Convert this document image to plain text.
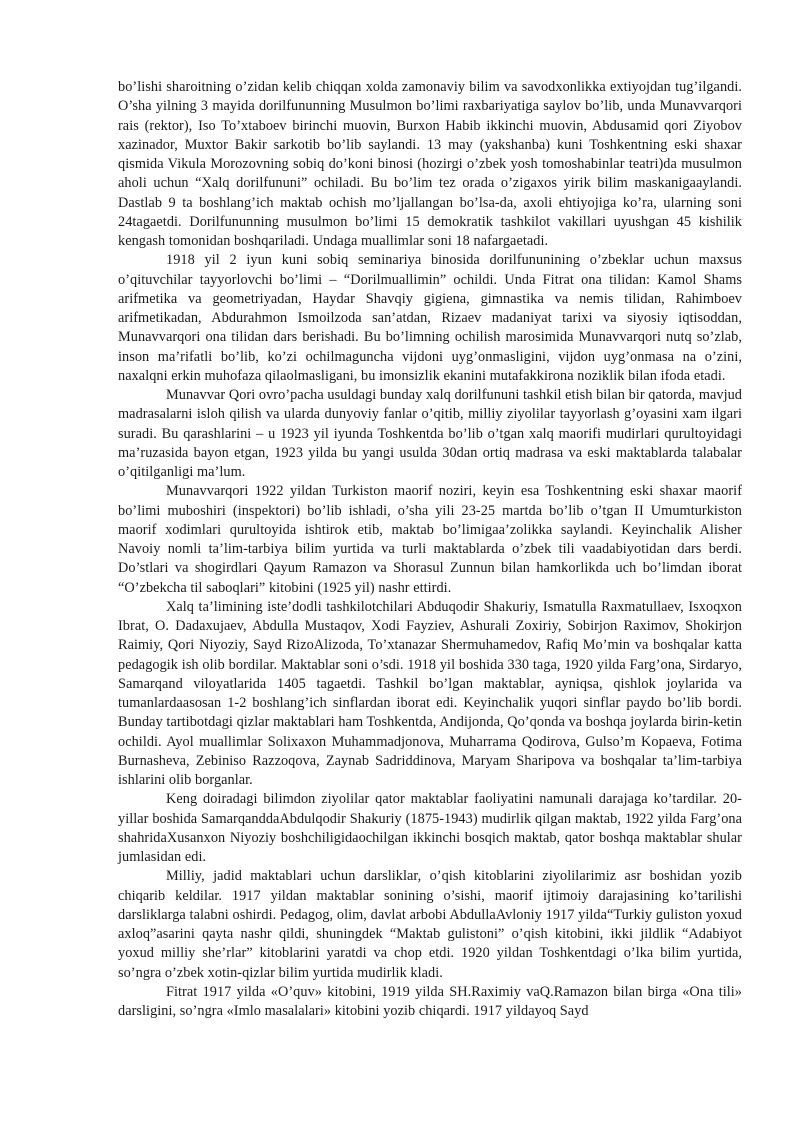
bo’lishi sharoitning o’zidan kelib chiqqan xolda zamonaviy bilim va savodxonlikka extiyojdan tug’ilgandi. O’sha yilning 3 mayida dorilfununning Musulmon bo’limi raxbariyatiga saylov bo’lib, unda Munavvarqori rais (rektor), Iso To’xtaboev birinchi muovin, Burxon Habib ikkinchi muovin, Abdusamid qori Ziyobov xazinador, Muxtor Bakir sarkotib bo’lib saylandi. 13 may (yakshanba) kuni Toshkentning eski shaxar qismida Vikula Morozovning sobiq do’koni binosi (hozirgi o’zbek yosh tomoshabinlar teatri)da musulmon aholi uchun “Xalq dorilfununi” ochiladi. Bu bo’lim tez orada o’zigaxos yirik bilim maskanigaaylandi. Dastlab 9 ta boshlang’ich maktab ochish mo’ljallangan bo’lsa-da, axoli ehtiyojiga ko’ra, ularning soni 24tagaetdi. Dorilfununning musulmon bo’limi 15 demokratik tashkilot vakillari uyushgan 45 kishilik kengash tomonidan boshqariladi. Undaga muallimlar soni 18 nafargaetadi.

1918 yil 2 iyun kuni sobiq seminariya binosida dorilfununining o’zbeklar uchun maxsus o’qituvchilar tayyorlovchi bo’limi – “Dorilmuallimin” ochildi. Unda Fitrat ona tilidan: Kamol Shams arifmetika va geometriyadan, Haydar Shavqiy gigiena, gimnastika va nemis tilidan, Rahimboev arifmetikadan, Abdurahmon Ismoilzoda san’atdan, Rizaev madaniyat tarixi va siyosiy iqtisoddan, Munavvarqori ona tilidan dars berishadi. Bu bo’limning ochilish marosimida Munavvarqori nutq so’zlab, inson ma’rifatli bo’lib, ko’zi ochilmaguncha vijdoni uyg’onmasligini, vijdon uyg’onmasa na o’zini, naxalqni erkin muhofaza qilaolmasligani, bu imonsizlik ekanini mutafakkirona noziklik bilan ifoda etadi.

Munavvar Qori ovro’pacha usuldagi bunday xalq dorilfununi tashkil etish bilan bir qatorda, mavjud madrasalarni isloh qilish va ularda dunyoviy fanlar o’qitib, milliy ziyolilar tayyorlash g’oyasini xam ilgari suradi. Bu qarashlarini – u 1923 yil iyunda Toshkentda bo’lib o’tgan xalq maorifi mudirlari qurultoyidagi ma’ruzasida bayon etgan, 1923 yilda bu yangi usulda 30dan ortiq madrasa va eski maktablarda talabalar o’qitilganligi ma’lum.

Munavvarqori 1922 yildan Turkiston maorif noziri, keyin esa Toshkentning eski shaxar maorif bo’limi muboshiri (inspektori) bo’lib ishladi, o’sha yili 23-25 martda bo’lib o’tgan II Umumturkiston maorif xodimlari qurultoyida ishtirok etib, maktab bo’limigaa’zolikka saylandi. Keyinchalik Alisher Navoiy nomli ta’lim-tarbiya bilim yurtida va turli maktablarda o’zbek tili vaadabiyotidan dars berdi. Do’stlari va shogirdlari Qayum Ramazon va Shorasul Zunnun bilan hamkorlikda uch bo’limdan iborat “O’zbekcha til saboqlari” kitobini (1925 yil) nashr ettirdi.

Xalq ta’limining iste’dodli tashkilotchilari Abduqodir Shakuriy, Ismatulla Raxmatullaev, Isxoqxon Ibrat, O. Dadaxujaev, Abdulla Mustaqov, Xodi Fayziev, Ashurali Zoxiriy, Sobirjon Raximov, Shokirjon Raimiy, Qori Niyoziy, Sayd RizoAlizoda, To’xtanazar Shermuhamedov, Rafiq Mo’min va boshqalar katta pedagogik ish olib bordilar. Maktablar soni o’sdi. 1918 yil boshida 330 taga, 1920 yilda Farg’ona, Sirdaryo, Samarqand viloyatlarida 1405 tagaetdi. Tashkil bo’lgan maktablar, ayniqsa, qishlok joylarida va tumanlardaasosan 1-2 boshlang’ich sinflardan iborat edi. Keyinchalik yuqori sinflar paydo bo’lib bordi. Bunday tartibotdagi qizlar maktablari ham Toshkentda, Andijonda, Qo’qonda va boshqa joylarda birin-ketin ochildi. Ayol muallimlar Solixaxon Muhammadjonova, Muharrama Qodirova, Gulso’m Kopaeva, Fotima Burnasheva, Zebiniso Razzoqova, Zaynab Sadriddinova, Maryam Sharipova va boshqalar ta’lim-tarbiya ishlarini olib borganlar.

Keng doiradagi bilimdon ziyolilar qator maktablar faoliyatini namunali darajaga ko’tardilar. 20-yillar boshida SamarqanddaAbdulqodir Shakuriy (1875-1943) mudirlik qilgan maktab, 1922 yilda Farg’ona shahridaXusanxon Niyoziy boshchiligidaochilgan ikkinchi bosqich maktab, qator boshqa maktablar shular jumlasidan edi.

Milliy, jadid maktablari uchun darsliklar, o’qish kitoblarini ziyolilarimiz asr boshidan yozib chiqarib keldilar. 1917 yildan maktablar sonining o’sishi, maorif ijtimoiy darajasining ko’tarilishi darsliklarga talabni oshirdi. Pedagog, olim, davlat arbobi AbdullaAvloniy 1917 yilda“Turkiy guliston yoxud axloq”asarini qayta nashr qildi, shuningdek “Maktab gulistoni” o’qish kitobini, ikki jildlik “Adabiyot yoxud milliy she’rlar” kitoblarini yaratdi va chop etdi. 1920 yildan Toshkentdagi o’lka bilim yurtida, so’ngra o’zbek xotin-qizlar bilim yurtida mudirlik kladi.

Fitrat 1917 yilda «O’quv» kitobini, 1919 yilda SH.Raximiy vaQ.Ramazon bilan birga «Ona tili» darsligini, so’ngra «Imlo masalalari» kitobini yozib chiqardi. 1917 yildayoq Sayd
